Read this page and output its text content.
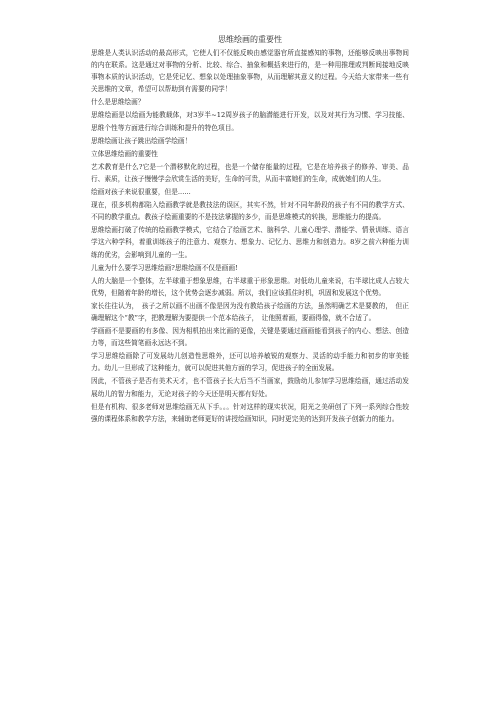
思维绘画的重要性

思维是人类认识活动的最高形式，它使人们不仅能反映由感觉器官所直接感知的事物，还能够反映出事物间的内在联系。这是通过对事物的分析、比较、综合、抽象和概括来进行的，是一种用推理或判断间接地反映事物本质的认识活动，它是凭记忆、想象以处理抽象事物，从而理解其意义的过程。今天给大家带来一些有关思维的文章，希望可以帮助到有需要的同学！

什么是思维绘画？

思维绘画是以绘画为能教载体，对3岁半~12周岁孩子的脑潜能进行开发，以及对其行为习惯、学习技能、思维个性等方面进行综合训练和提升的特色项目。

思维绘画让孩子跳出绘画学绘画！

立体思维绘画的重要性

艺术教育是什么?它是一个潜移默化的过程，也是一个储存能量的过程，它是在培养孩子的修养、审美、品行、素质，让孩子慢慢学会欣赏生活的美好，生命的可贵，从而丰富她们的生命，成就她们的人生。

绘画对孩子来说很重要，但是......

现在，很多机构都陷入绘画教学就是教技法的误区，其实不然，针对不同年龄段的孩子有不同的教学方式、不同的教学重点。教孩子绘画重要的不是技法掌握的多少，而是思维模式的转换，思维能力的提高。

思维绘画打破了传统的绘画教学模式，它结合了绘画艺术、脑科学、儿童心理学、潜能学、情景训练、语言学这六种学科，着重训练孩子的注意力、观察力、想象力、记忆力、思维力和创造力。8岁之前六种能力训练的优劣，会影响到儿童的一生。

儿童为什么要学习思维绘画?思维绘画不仅是画画!

人的大脑是一个整体，左半球重于想象思维，右半球重于形象思维。对低幼儿童来说，右半球比成人占较大优势，但随着年龄的增长，这个优势会逐步减弱。所以，我们应该抓住时机，巩固和发展这个优势。

家长往往认为，　孩子之所以画不出画不像是因为没有教给孩子绘画的方法，虽然明确艺术是要教的，　但正确理解这个“教”字，把教理解为要提供一个范本给孩子，　让他照着画，要画得像，就不合适了。

学画画不是要画的有多像、因为相机拍出来比画的更像，关键是要通过画画能看到孩子的内心、想法、创造力等，而这些简笔画永远达不到。

学习思维绘画除了可发展幼儿创造性思维外，还可以培养敏锐的观察力、灵活的动手能力和初步的审美能力。幼儿一旦形成了这种能力，就可以促进其他方面的学习，促进孩子的全面发展。

因此，不管孩子是否有美术天才，也不管孩子长大后当不当画家，鼓励幼儿参加学习思维绘画，通过活动发展幼儿的智力和能力，无论对孩子的今天还是明天都有好处。

但是有机构、很多老师对思维绘画无从下手。。。针对这样的现实状况，阳光之美研创了下列一系列综合性较强的课程体系和教学方法，来辅助老师更好的讲授绘画知识，同时更完美的达到开发孩子创新力的能力。
